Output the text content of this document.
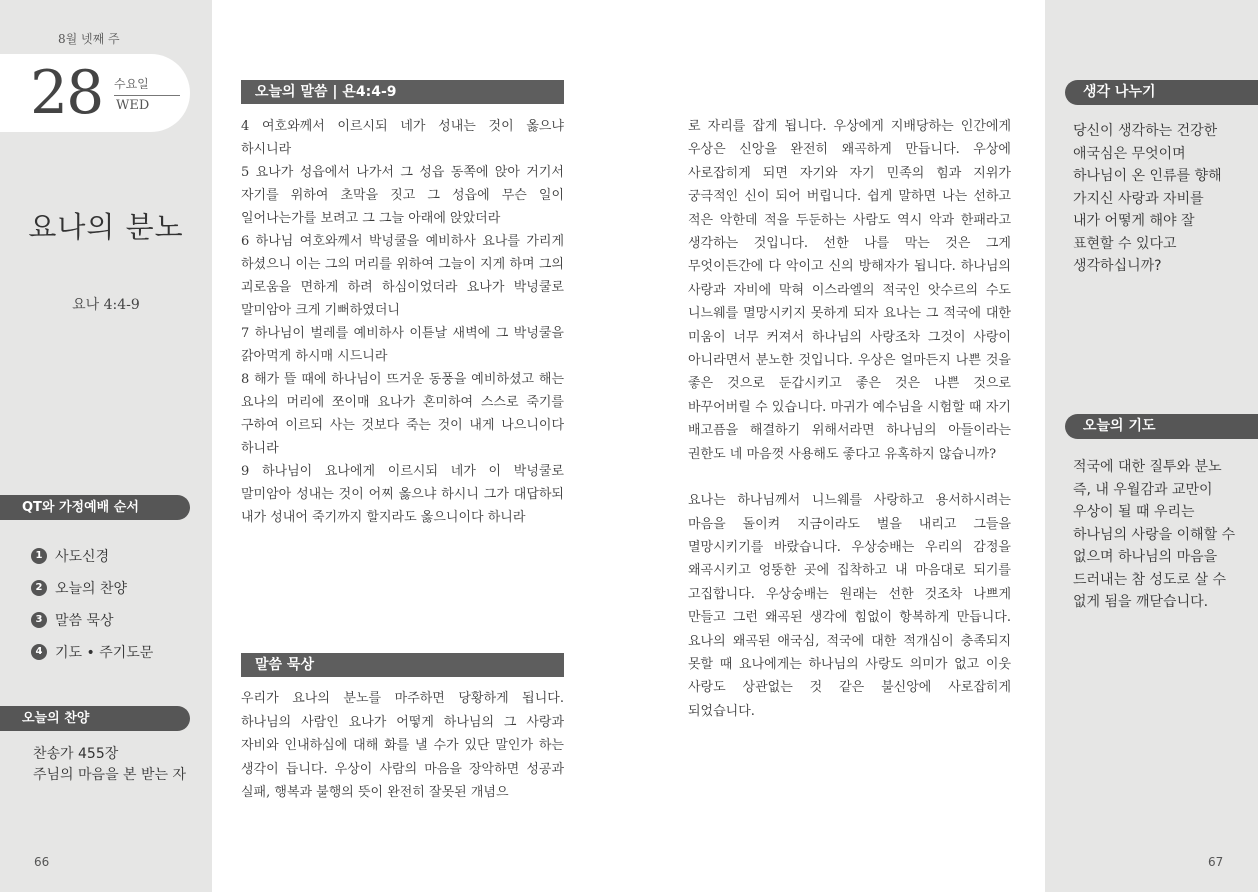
8월 넷째 주
28 수요일
WED
요나의 분노
요나 4:4-9
QT와 가정예배 순서
1 사도신경
2 오늘의 찬양
3 말씀 묵상
4 기도 • 주기도문
오늘의 찬양
찬송가 455장
주님의 마음을 본 받는 자
66
오늘의 말씀 | 욘4:4-9

4 여호와께서 이르시되 네가 성내는 것이 옳으냐 하시니라

5 요나가 성읍에서 나가서 그 성읍 동쪽에 앉아 거기서 자기를 위하여 초막을 짓고 그 성읍에 무슨 일이 일어나는가를 보려고 그 그늘 아래에 앉았더라

6 하나님 여호와께서 박넝쿨을 예비하사 요나를 가리게 하셨으니 이는 그의 머리를 위하여 그늘이 지게 하며 그의 괴로움을 면하게 하려 하심이었더라 요나가 박넝쿨로 말미암아 크게 기뻐하였더니

7 하나님이 벌레를 예비하사 이튿날 새벽에 그 박넝쿨을 갉아먹게 하시매 시드니라

8 해가 뜰 때에 하나님이 뜨거운 동풍을 예비하셨고 해는 요나의 머리에 쪼이매 요나가 혼미하여 스스로 죽기를 구하여 이르되 사는 것보다 죽는 것이 내게 나으니이다 하니라

9 하나님이 요나에게 이르시되 네가 이 박넝쿨로 말미암아 성내는 것이 어찌 옳으냐 하시니 그가 대답하되 내가 성내어 죽기까지 할지라도 옳으니이다 하니라

말씀 묵상

우리가 요나의 분노를 마주하면 당황하게 됩니다. 하나님의 사람인 요나가 어떻게 하나님의 그 사랑과 자비와 인내하심에 대해 화를 낼 수가 있단 말인가 하는 생각이 듭니다. 우상이 사람의 마음을 장악하면 성공과 실패, 행복과 불행의 뜻이 완전히 잘못된 개념으

로 자리를 잡게 됩니다. 우상에게 지배당하는 인간에게 우상은 신앙을 완전히 왜곡하게 만듭니다. 우상에 사로잡히게 되면 자기와 자기 민족의 힘과 지위가 궁극적인 신이 되어 버립니다. 쉽게 말하면 나는 선하고 적은 악한데 적을 두둔하는 사람도 역시 악과 한패라고 생각하는 것입니다. 선한 나를 막는 것은 그게 무엇이든간에 다 악이고 신의 방해자가 됩니다. 하나님의 사랑과 자비에 막혀 이스라엘의 적국인 앗수르의 수도 니느웨를 멸망시키지 못하게 되자 요나는 그 적국에 대한 미움이 너무 커져서 하나님의 사랑조차 그것이 사랑이 아니라면서 분노한 것입니다. 우상은 얼마든지 나쁜 것을 좋은 것으로 둔갑시키고 좋은 것은 나쁜 것으로 바꾸어버릴 수 있습니다. 마귀가 예수님을 시험할 때 자기 배고픔을 해결하기 위해서라면 하나님의 아들이라는 권한도 네 마음껏 사용해도 좋다고 유혹하지 않습니까?

요나는 하나님께서 니느웨를 사랑하고 용서하시려는 마음을 돌이켜 지금이라도 벌을 내리고 그들을 멸망시키기를 바랐습니다. 우상숭배는 우리의 감정을 왜곡시키고 엉뚱한 곳에 집착하고 내 마음대로 되기를 고집합니다. 우상숭배는 원래는 선한 것조차 나쁘게 만들고 그런 왜곡된 생각에 힘없이 항복하게 만듭니다. 요나의 왜곡된 애국심, 적국에 대한 적개심이 충족되지 못할 때 요나에게는 하나님의 사랑도 의미가 없고 이웃 사랑도 상관없는 것 같은 불신앙에 사로잡히게 되었습니다.

생각 나누기
당신이 생각하는 건강한
애국심은 무엇이며
하나님이 온 인류를 향해
가지신 사랑과 자비를
내가 어떻게 해야 잘
표현할 수 있다고
생각하십니까?
오늘의 기도
적국에 대한 질투와 분노
즉, 내 우월감과 교만이
우상이 될 때 우리는
하나님의 사랑을 이해할 수
없으며 하나님의 마음을
드러내는 참 성도로 살 수
없게 됨을 깨닫습니다.
67
